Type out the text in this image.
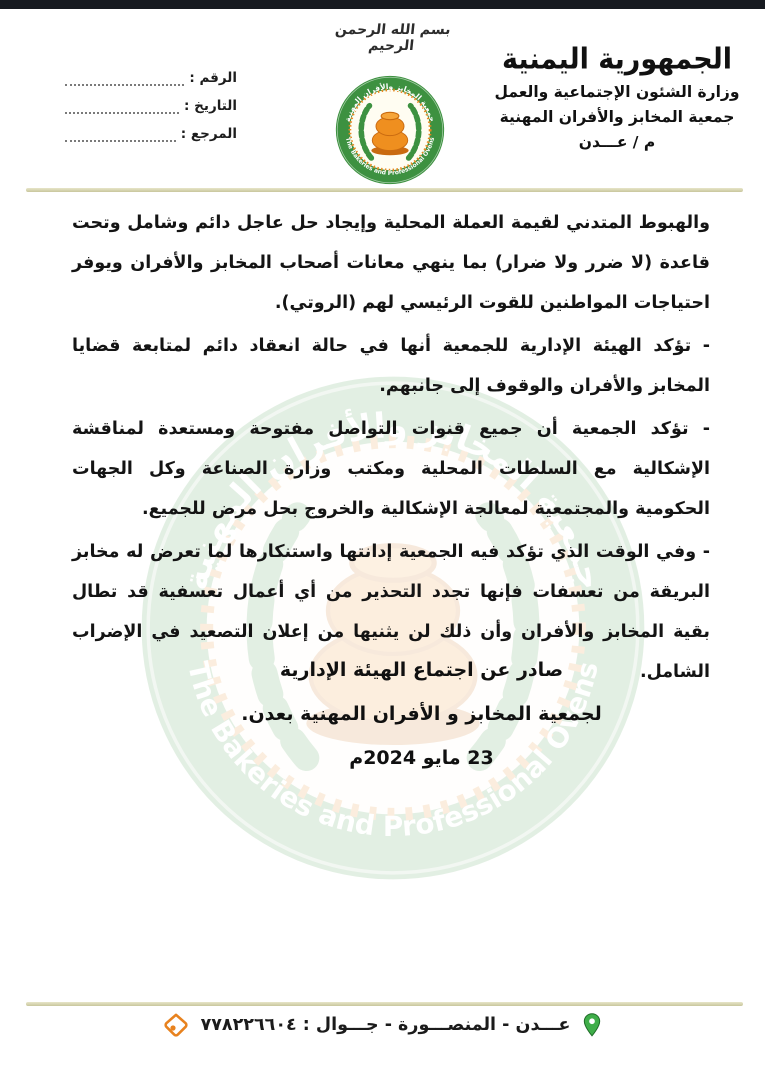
بسم الله الرحمن الرحيم
الرقم :
التاريخ :
المرجع :
الجمهورية اليمنية
وزارة الشئون الإجتماعية والعمل
جمعية المخابز والأفران المهنية
م / عـــدن

والهبوط المتدني لقيمة العملة المحلية وإيجاد حل عاجل دائم وشامل وتحت قاعدة (لا ضرر ولا ضرار) بما ينهي معانات أصحاب المخابز والأفران ويوفر احتياجات المواطنين للقوت الرئيسي لهم (الروتي).

- تؤكد الهيئة الإدارية للجمعية أنها في حالة انعقاد دائم لمتابعة قضايا المخابز والأفران والوقوف إلى جانبهم.

- تؤكد الجمعية أن جميع قنوات التواصل مفتوحة ومستعدة لمناقشة الإشكالية مع السلطات المحلية ومكتب وزارة الصناعة وكل الجهات الحكومية والمجتمعية لمعالجة الإشكالية والخروج بحل مرض للجميع.

- وفي الوقت الذي تؤكد فيه الجمعية إدانتها واستنكارها لما تعرض له مخابز البريقة من تعسفات فإنها تجدد التحذير من أي أعمال تعسفية قد تطال بقية المخابز والأفران وأن ذلك لن يثنيها من إعلان التصعيد في الإضراب الشامل.

صادر عن اجتماع الهيئة الإدارية
لجمعية المخابز و الأفران المهنية بعدن.
23 مايو 2024م
عـــدن - المنصـــورة - جـــوال : ٧٧٨٢٢٦٦٠٤
